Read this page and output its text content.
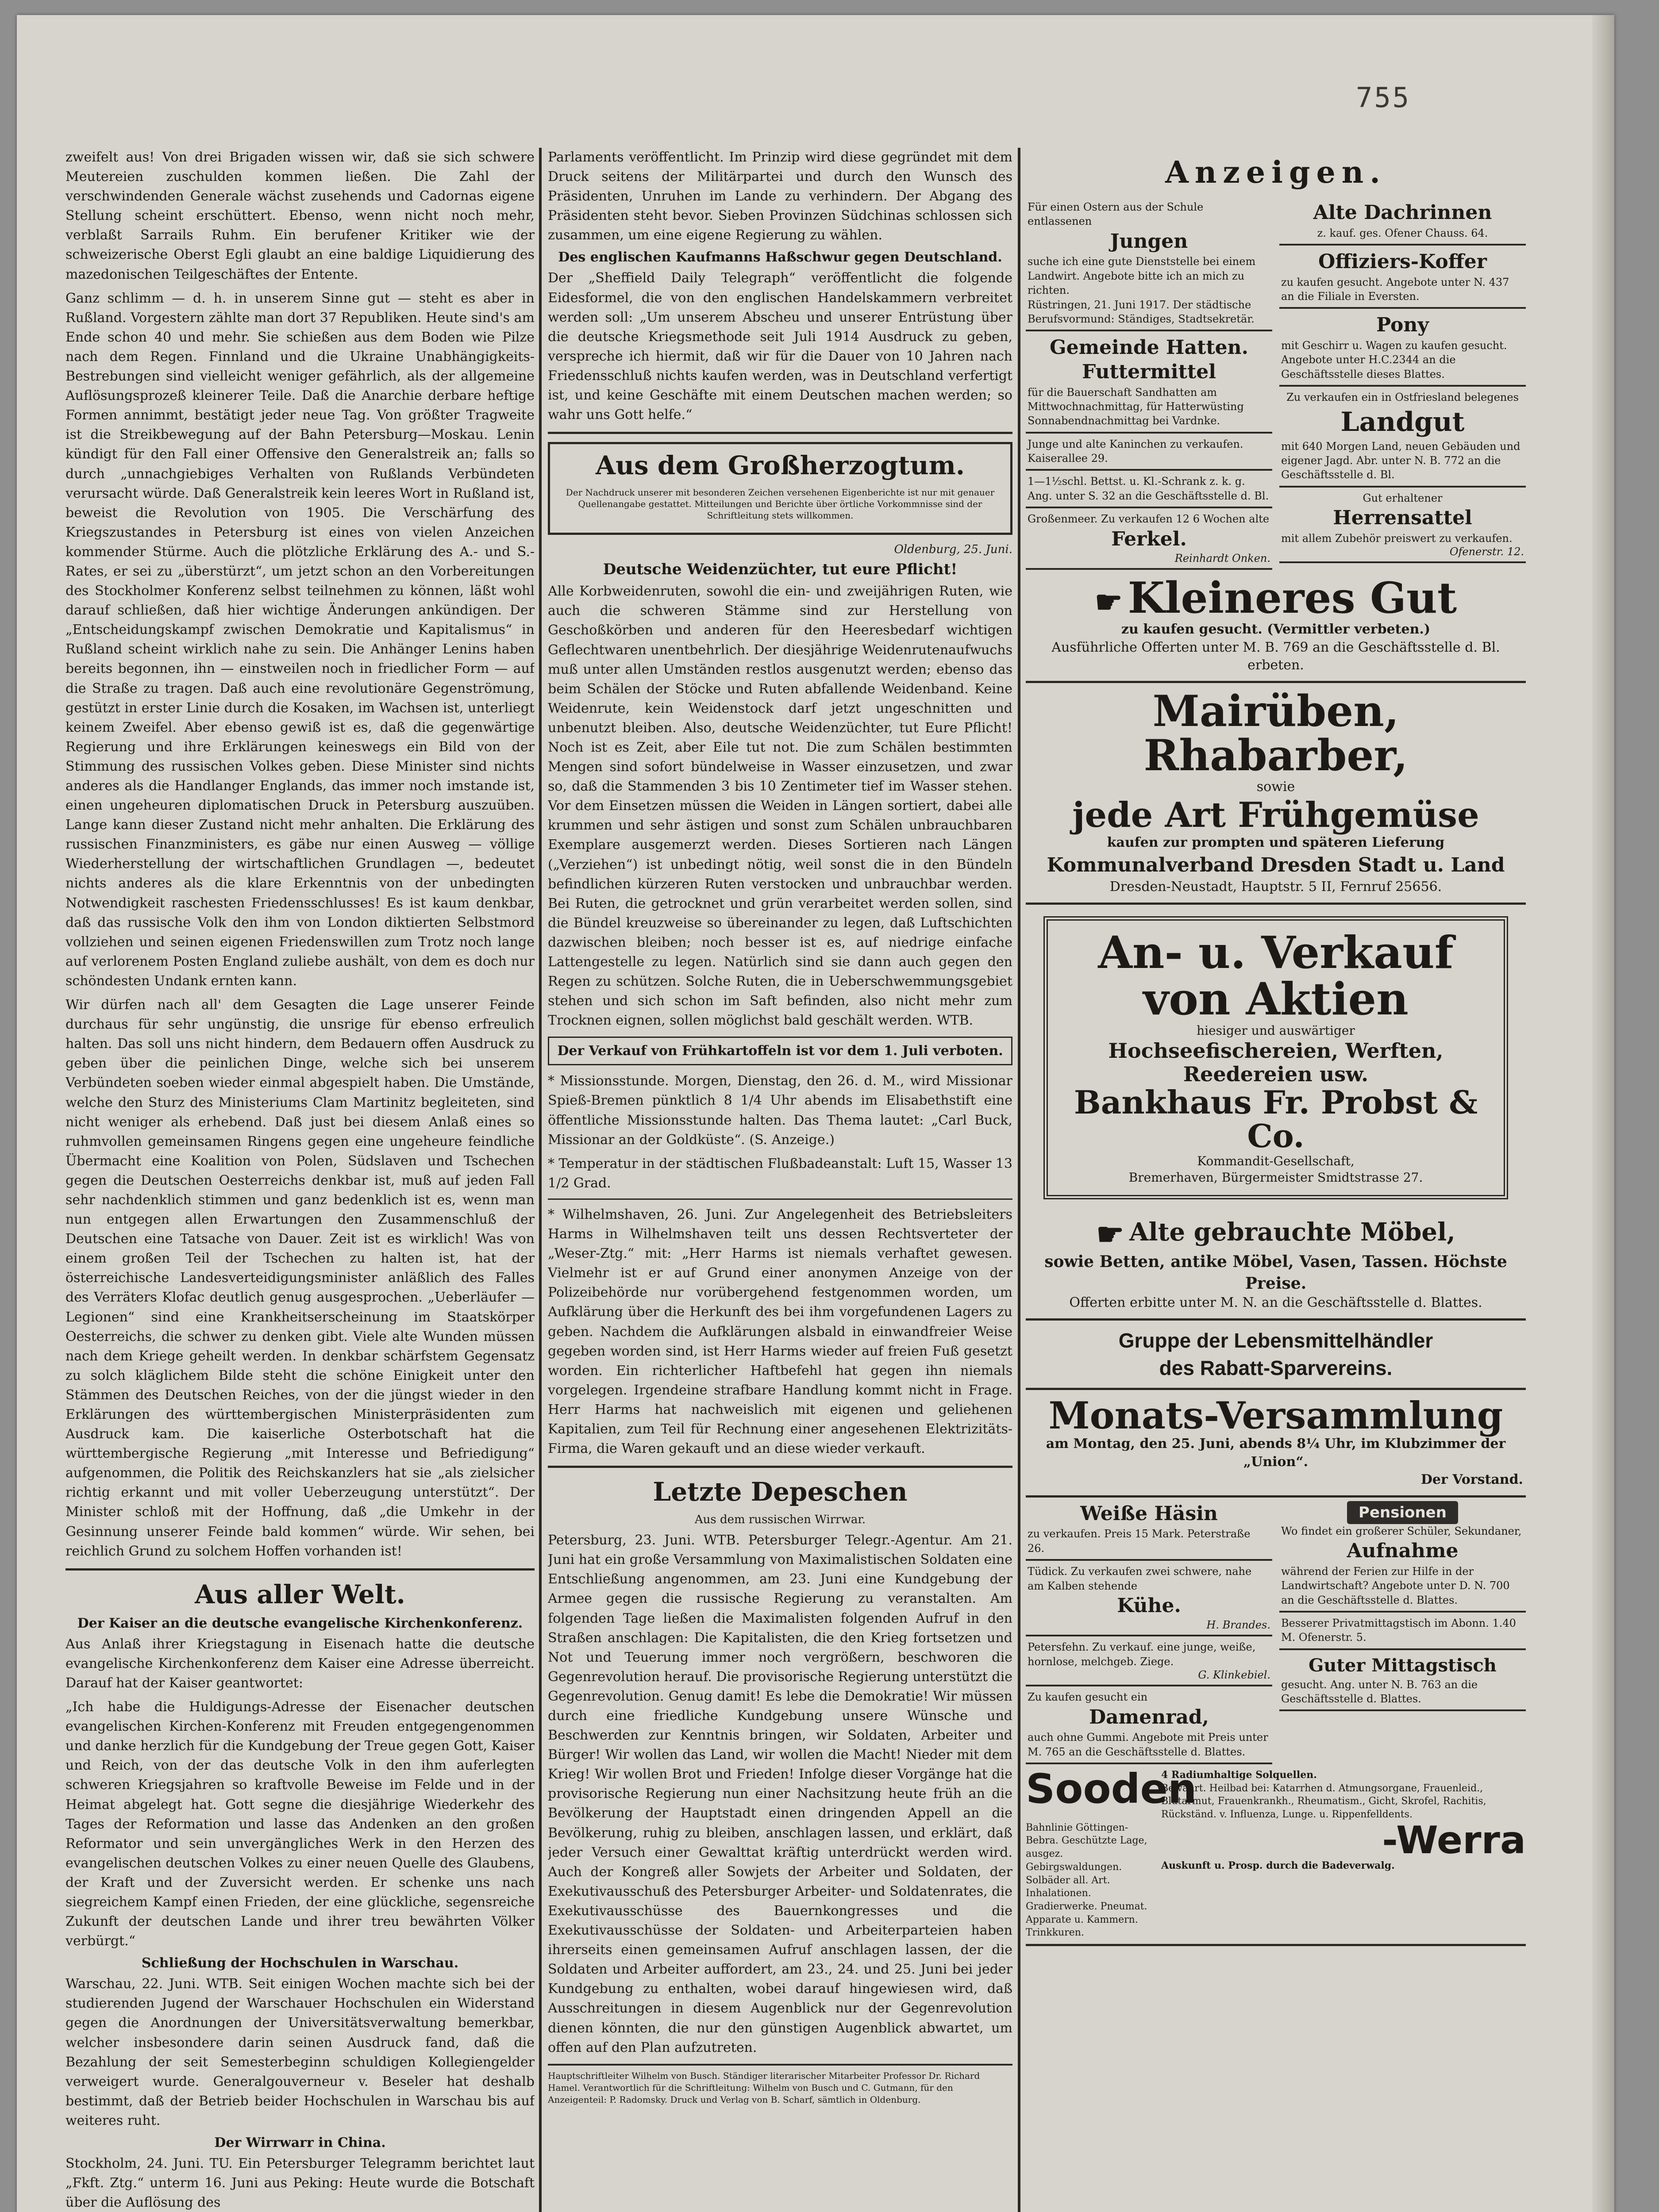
755

zweifelt aus! Von drei Brigaden wissen wir, daß sie sich schwere Meutereien zuschulden kommen ließen. Die Zahl der verschwindenden Generale wächst zusehends und Cadornas eigene Stellung scheint erschüttert. Ebenso, wenn nicht noch mehr, verblaßt Sarrails Ruhm. Ein berufener Kritiker wie der schweizerische Oberst Egli glaubt an eine baldige Liquidierung des mazedonischen Teilgeschäftes der Entente.

Ganz schlimm — d. h. in unserem Sinne gut — steht es aber in Rußland. Vorgestern zählte man dort 37 Republiken. Heute sind's am Ende schon 40 und mehr. Sie schießen aus dem Boden wie Pilze nach dem Regen. Finnland und die Ukraine Unabhängigkeits-Bestrebungen sind vielleicht weniger gefährlich, als der allgemeine Auflösungsprozeß kleinerer Teile. Daß die Anarchie derbare heftige Formen annimmt, bestätigt jeder neue Tag. Von größter Tragweite ist die Streikbewegung auf der Bahn Petersburg—Moskau. Lenin kündigt für den Fall einer Offensive den Generalstreik an; falls so durch „unnachgiebiges Verhalten von Rußlands Verbündeten verursacht würde. Daß Generalstreik kein leeres Wort in Rußland ist, beweist die Revolution von 1905. Die Verschärfung des Kriegszustandes in Petersburg ist eines von vielen Anzeichen kommender Stürme. Auch die plötzliche Erklärung des A.- und S.-Rates, er sei zu „überstürzt“, um jetzt schon an den Vorbereitungen des Stockholmer Konferenz selbst teilnehmen zu können, läßt wohl darauf schließen, daß hier wichtige Änderungen ankündigen. Der „Entscheidungskampf zwischen Demokratie und Kapitalismus“ in Rußland scheint wirklich nahe zu sein. Die Anhänger Lenins haben bereits begonnen, ihn — einstweilen noch in friedlicher Form — auf die Straße zu tragen. Daß auch eine revolutionäre Gegenströmung, gestützt in erster Linie durch die Kosaken, im Wachsen ist, unterliegt keinem Zweifel. Aber ebenso gewiß ist es, daß die gegenwärtige Regierung und ihre Erklärungen keineswegs ein Bild von der Stimmung des russischen Volkes geben. Diese Minister sind nichts anderes als die Handlanger Englands, das immer noch imstande ist, einen ungeheuren diplomatischen Druck in Petersburg auszuüben. Lange kann dieser Zustand nicht mehr anhalten. Die Erklärung des russischen Finanzministers, es gäbe nur einen Ausweg — völlige Wiederherstellung der wirtschaftlichen Grundlagen —, bedeutet nichts anderes als die klare Erkenntnis von der unbedingten Notwendigkeit raschesten Friedensschlusses! Es ist kaum denkbar, daß das russische Volk den ihm von London diktierten Selbstmord vollziehen und seinen eigenen Friedenswillen zum Trotz noch lange auf verlorenem Posten England zuliebe aushält, von dem es doch nur schöndesten Undank ernten kann.

Wir dürfen nach all' dem Gesagten die Lage unserer Feinde durchaus für sehr ungünstig, die unsrige für ebenso erfreulich halten. Das soll uns nicht hindern, dem Bedauern offen Ausdruck zu geben über die peinlichen Dinge, welche sich bei unserem Verbündeten soeben wieder einmal abgespielt haben. Die Umstände, welche den Sturz des Ministeriums Clam Martinitz begleiteten, sind nicht weniger als erhebend. Daß just bei diesem Anlaß eines so ruhmvollen gemeinsamen Ringens gegen eine ungeheure feindliche Übermacht eine Koalition von Polen, Südslaven und Tschechen gegen die Deutschen Oesterreichs denkbar ist, muß auf jeden Fall sehr nachdenklich stimmen und ganz bedenklich ist es, wenn man nun entgegen allen Erwartungen den Zusammenschluß der Deutschen eine Tatsache von Dauer. Zeit ist es wirklich! Was von einem großen Teil der Tschechen zu halten ist, hat der österreichische Landesverteidigungsminister anläßlich des Falles des Verräters Klofac deutlich genug ausgesprochen. „Ueberläufer — Legionen“ sind eine Krankheitserscheinung im Staatskörper Oesterreichs, die schwer zu denken gibt. Viele alte Wunden müssen nach dem Kriege geheilt werden. In denkbar schärfstem Gegensatz zu solch kläglichem Bilde steht die schöne Einigkeit unter den Stämmen des Deutschen Reiches, von der die jüngst wieder in den Erklärungen des württembergischen Ministerpräsidenten zum Ausdruck kam. Die kaiserliche Osterbotschaft hat die württembergische Regierung „mit Interesse und Befriedigung“ aufgenommen, die Politik des Reichskanzlers hat sie „als zielsicher richtig erkannt und mit voller Ueberzeugung unterstützt“. Der Minister schloß mit der Hoffnung, daß „die Umkehr in der Gesinnung unserer Feinde bald kommen“ würde. Wir sehen, bei reichlich Grund zu solchem Hoffen vorhanden ist!

Aus aller Welt.
Der Kaiser an die deutsche evangelische Kirchenkonferenz.

Aus Anlaß ihrer Kriegstagung in Eisenach hatte die deutsche evangelische Kirchenkonferenz dem Kaiser eine Adresse überreicht. Darauf hat der Kaiser geantwortet:

„Ich habe die Huldigungs-Adresse der Eisenacher deutschen evangelischen Kirchen-Konferenz mit Freuden entgegengenommen und danke herzlich für die Kundgebung der Treue gegen Gott, Kaiser und Reich, von der das deutsche Volk in den ihm auferlegten schweren Kriegsjahren so kraftvolle Beweise im Felde und in der Heimat abgelegt hat. Gott segne die diesjährige Wiederkehr des Tages der Reformation und lasse das Andenken an den großen Reformator und sein unvergängliches Werk in den Herzen des evangelischen deutschen Volkes zu einer neuen Quelle des Glaubens, der Kraft und der Zuversicht werden. Er schenke uns nach siegreichem Kampf einen Frieden, der eine glückliche, segensreiche Zukunft der deutschen Lande und ihrer treu bewährten Völker verbürgt.“

Schließung der Hochschulen in Warschau.

Warschau, 22. Juni. WTB. Seit einigen Wochen machte sich bei der studierenden Jugend der Warschauer Hochschulen ein Widerstand gegen die Anordnungen der Universitätsverwaltung bemerkbar, welcher insbesondere darin seinen Ausdruck fand, daß die Bezahlung der seit Semesterbeginn schuldigen Kollegiengelder verweigert wurde. Generalgouverneur v. Beseler hat deshalb bestimmt, daß der Betrieb beider Hochschulen in Warschau bis auf weiteres ruht.

Der Wirrwarr in China.

Stockholm, 24. Juni. TU. Ein Petersburger Telegramm berichtet laut „Fkft. Ztg.“ unterm 16. Juni aus Peking: Heute wurde die Botschaft über die Auflösung des

Parlaments veröffentlicht. Im Prinzip wird diese gegründet mit dem Druck seitens der Militärpartei und durch den Wunsch des Präsidenten, Unruhen im Lande zu verhindern. Der Abgang des Präsidenten steht bevor. Sieben Provinzen Südchinas schlossen sich zusammen, um eine eigene Regierung zu wählen.

Des englischen Kaufmanns Haßschwur gegen Deutschland.

Der „Sheffield Daily Telegraph“ veröffentlicht die folgende Eidesformel, die von den englischen Handelskammern verbreitet werden soll: „Um unserem Abscheu und unserer Entrüstung über die deutsche Kriegsmethode seit Juli 1914 Ausdruck zu geben, verspreche ich hiermit, daß wir für die Dauer von 10 Jahren nach Friedensschluß nichts kaufen werden, was in Deutschland verfertigt ist, und keine Geschäfte mit einem Deutschen machen werden; so wahr uns Gott helfe.“

Aus dem Großherzogtum.
Der Nachdruck unserer mit besonderen Zeichen versehenen Eigenberichte ist nur mit genauer Quellenangabe gestattet. Mitteilungen und Berichte über örtliche Vorkommnisse sind der Schriftleitung stets willkommen.
Oldenburg, 25. Juni.
Deutsche Weidenzüchter, tut eure Pflicht!

Alle Korbweidenruten, sowohl die ein- und zweijährigen Ruten, wie auch die schweren Stämme sind zur Herstellung von Geschoßkörben und anderen für den Heeresbedarf wichtigen Geflechtwaren unentbehrlich. Der diesjährige Weidenrutenaufwuchs muß unter allen Umständen restlos ausgenutzt werden; ebenso das beim Schälen der Stöcke und Ruten abfallende Weidenband. Keine Weidenrute, kein Weidenstock darf jetzt ungeschnitten und unbenutzt bleiben. Also, deutsche Weidenzüchter, tut Eure Pflicht! Noch ist es Zeit, aber Eile tut not. Die zum Schälen bestimmten Mengen sind sofort bündelweise in Wasser einzusetzen, und zwar so, daß die Stammenden 3 bis 10 Zentimeter tief im Wasser stehen. Vor dem Einsetzen müssen die Weiden in Längen sortiert, dabei alle krummen und sehr ästigen und sonst zum Schälen unbrauchbaren Exemplare ausgemerzt werden. Dieses Sortieren nach Längen („Verziehen“) ist unbedingt nötig, weil sonst die in den Bündeln befindlichen kürzeren Ruten verstocken und unbrauchbar werden. Bei Ruten, die getrocknet und grün verarbeitet werden sollen, sind die Bündel kreuzweise so übereinander zu legen, daß Luftschichten dazwischen bleiben; noch besser ist es, auf niedrige einfache Lattengestelle zu legen. Natürlich sind sie dann auch gegen den Regen zu schützen. Solche Ruten, die in Ueberschwemmungsgebiet stehen und sich schon im Saft befinden, also nicht mehr zum Trocknen eignen, sollen möglichst bald geschält werden. WTB.

Der Verkauf von Frühkartoffeln ist vor dem 1. Juli verboten.

* Missionsstunde. Morgen, Dienstag, den 26. d. M., wird Missionar Spieß-Bremen pünktlich 8 1/4 Uhr abends im Elisabethstift eine öffentliche Missionsstunde halten. Das Thema lautet: „Carl Buck, Missionar an der Goldküste“. (S. Anzeige.)

* Temperatur in der städtischen Flußbadeanstalt: Luft 15, Wasser 13 1/2 Grad.

* Wilhelmshaven, 26. Juni. Zur Angelegenheit des Betriebsleiters Harms in Wilhelmshaven teilt uns dessen Rechtsverteter der „Weser-Ztg.“ mit: „Herr Harms ist niemals verhaftet gewesen. Vielmehr ist er auf Grund einer anonymen Anzeige von der Polizeibehörde nur vorübergehend festgenommen worden, um Aufklärung über die Herkunft des bei ihm vorgefundenen Lagers zu geben. Nachdem die Aufklärungen alsbald in einwandfreier Weise gegeben worden sind, ist Herr Harms wieder auf freien Fuß gesetzt worden. Ein richterlicher Haftbefehl hat gegen ihn niemals vorgelegen. Irgendeine strafbare Handlung kommt nicht in Frage. Herr Harms hat nachweislich mit eigenen und geliehenen Kapitalien, zum Teil für Rechnung einer angesehenen Elektrizitäts-Firma, die Waren gekauft und an diese wieder verkauft.

Letzte Depeschen
Aus dem russischen Wirrwar.

Petersburg, 23. Juni. WTB. Petersburger Telegr.-Agentur. Am 21. Juni hat ein große Versammlung von Maximalistischen Soldaten eine Entschließung angenommen, am 23. Juni eine Kundgebung der Armee gegen die russische Regierung zu veranstalten. Am folgenden Tage ließen die Maximalisten folgenden Aufruf in den Straßen anschlagen: Die Kapitalisten, die den Krieg fortsetzen und Not und Teuerung immer noch vergrößern, beschworen die Gegenrevolution herauf. Die provisorische Regierung unterstützt die Gegenrevolution. Genug damit! Es lebe die Demokratie! Wir müssen durch eine friedliche Kundgebung unsere Wünsche und Beschwerden zur Kenntnis bringen, wir Soldaten, Arbeiter und Bürger! Wir wollen das Land, wir wollen die Macht! Nieder mit dem Krieg! Wir wollen Brot und Frieden! Infolge dieser Vorgänge hat die provisorische Regierung nun einer Nachsitzung heute früh an die Bevölkerung der Hauptstadt einen dringenden Appell an die Bevölkerung, ruhig zu bleiben, anschlagen lassen, und erklärt, daß jeder Versuch einer Gewalttat kräftig unterdrückt werden wird. Auch der Kongreß aller Sowjets der Arbeiter und Soldaten, der Exekutivausschuß des Petersburger Arbeiter- und Soldatenrates, die Exekutivausschüsse des Bauernkongresses und die Exekutivausschüsse der Soldaten- und Arbeiterparteien haben ihrerseits einen gemeinsamen Aufruf anschlagen lassen, der die Soldaten und Arbeiter auffordert, am 23., 24. und 25. Juni bei jeder Kundgebung zu enthalten, wobei darauf hingewiesen wird, daß Ausschreitungen in diesem Augenblick nur der Gegenrevolution dienen könnten, die nur den günstigen Augenblick abwartet, um offen auf den Plan aufzutreten.

Hauptschriftleiter Wilhelm von Busch. Ständiger literarischer Mitarbeiter Professor Dr. Richard Hamel. Verantwortlich für die Schriftleitung: Wilhelm von Busch und C. Gutmann, für den Anzeigenteil: P. Radomsky. Druck und Verlag von B. Scharf, sämtlich in Oldenburg.
Anzeigen.
Für einen Ostern aus der Schule entlassenen
Jungen
suche ich eine gute Dienststelle bei einem Landwirt. Angebote bitte ich an mich zu richten.
Rüstringen, 21. Juni 1917. Der städtische Berufsvormund: Ständiges, Stadtsekretär.
Gemeinde Hatten.
Futtermittel
für die Bauerschaft Sandhatten am Mittwochnachmittag, für Hatterwüsting Sonnabendnachmittag bei Vardnke.
Junge und alte Kaninchen zu verkaufen. Kaiserallee 29.
1—1½schl. Bettst. u. Kl.-Schrank z. k. g. Ang. unter S. 32 an die Geschäftsstelle d. Bl.
Großenmeer. Zu verkaufen 12 6 Wochen alte
Ferkel.
Reinhardt Onken.
Alte Dachrinnen
z. kauf. ges. Ofener Chauss. 64.
Offiziers-Koffer
zu kaufen gesucht. Angebote unter N. 437 an die Filiale in Eversten.
Pony
mit Geschirr u. Wagen zu kaufen gesucht. Angebote unter H.C.2344 an die Geschäftsstelle dieses Blattes.
Zu verkaufen ein in Ostfriesland belegenes
Landgut
mit 640 Morgen Land, neuen Gebäuden und eigener Jagd. Abr. unter N. B. 772 an die Geschäftsstelle d. Bl.
Gut erhaltener
Herrensattel
mit allem Zubehör preiswert zu verkaufen.
Ofenerstr. 12.
☛ Kleineres Gut
zu kaufen gesucht. (Vermittler verbeten.)
Ausführliche Offerten unter M. B. 769 an die Geschäftsstelle d. Bl. erbeten.
Mairüben, Rhabarber,
sowie
jede Art Frühgemüse
kaufen zur prompten und späteren Lieferung
Kommunalverband Dresden Stadt u. Land
Dresden-Neustadt, Hauptstr. 5 II, Fernruf 25656.
An- u. Verkauf von Aktien
hiesiger und auswärtiger
Hochseefischereien, Werften, Reedereien usw.
Bankhaus Fr. Probst & Co.
Kommandit-Gesellschaft,
Bremerhaven, Bürgermeister Smidtstrasse 27.
☛ Alte gebrauchte Möbel,
sowie Betten, antike Möbel, Vasen, Tassen. Höchste Preise.
Offerten erbitte unter M. N. an die Geschäftsstelle d. Blattes.
Gruppe der Lebensmittelhändler
des Rabatt-Sparvereins.
Monats-Versammlung
am Montag, den 25. Juni, abends 8¼ Uhr, im Klubzimmer der „Union“.
Der Vorstand.
Weiße Häsin
zu verkaufen. Preis 15 Mark. Peterstraße 26.
Tüdick. Zu verkaufen zwei schwere, nahe am Kalben stehende
Kühe.
H. Brandes.
Petersfehn. Zu verkauf. eine junge, weiße, hornlose, melchgeb. Ziege.
G. Klinkebiel.
Zu kaufen gesucht ein
Damenrad,
auch ohne Gummi. Angebote mit Preis unter M. 765 an die Geschäftsstelle d. Blattes.
Pensionen
Wo findet ein großerer Schüler, Sekundaner,
Aufnahme
während der Ferien zur Hilfe in der Landwirtschaft? Angebote unter D. N. 700 an die Geschäftsstelle d. Blattes.
Besserer Privatmittagstisch im Abonn. 1.40 M. Ofenerstr. 5.
Guter Mittagstisch
gesucht. Ang. unter N. B. 763 an die Geschäftsstelle d. Blattes.
Sooden
4 Radiumhaltige Solquellen.
Bewährt. Heilbad bei: Katarrhen d. Atmungsorgane, Frauenleid., Blutarmut, Frauenkrankh., Rheumatism., Gicht, Skrofel, Rachitis, Rückständ. v. Influenza, Lunge. u. Rippenfelldents.
Bahnlinie Göttingen-Bebra. Geschützte Lage, ausgez. Gebirgswaldungen. Solbäder all. Art. Inhalationen. Gradierwerke. Pneumat. Apparate u. Kammern. Trinkkuren.
-Werra
Auskunft u. Prosp. durch die Badeverwalg.
